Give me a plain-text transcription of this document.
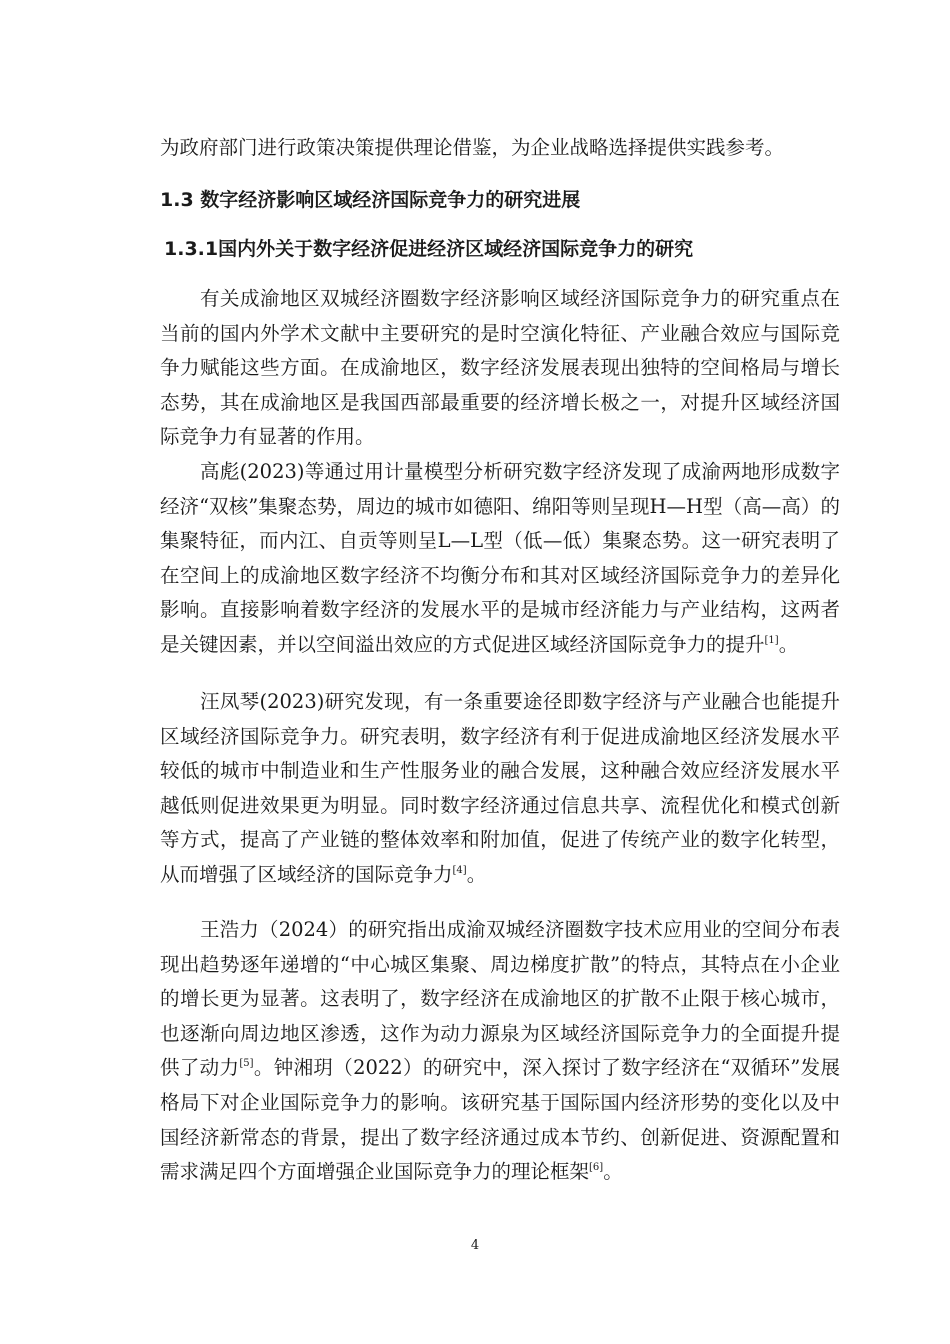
为政府部门进行政策决策提供理论借鉴，为企业战略选择提供实践参考。
1.3 数字经济影响区域经济国际竞争力的研究进展
1.3.1国内外关于数字经济促进经济区域经济国际竞争力的研究

有关成渝地区双城经济圈数字经济影响区域经济国际竞争力的研究重点在当前的国内外学术文献中主要研究的是时空演化特征、产业融合效应与国际竞争力赋能这些方面。在成渝地区，数字经济发展表现出独特的空间格局与增长态势，其在成渝地区是我国西部最重要的经济增长极之一，对提升区域经济国际竞争力有显著的作用。

高彪(2023)等通过用计量模型分析研究数字经济发现了成渝两地形成数字经济“双核”集聚态势，周边的城市如德阳、绵阳等则呈现H—H型（高—高）的集聚特征，而内江、自贡等则呈L—L型（低—低）集聚态势。这一研究表明了在空间上的成渝地区数字经济不均衡分布和其对区域经济国际竞争力的差异化影响。直接影响着数字经济的发展水平的是城市经济能力与产业结构，这两者是关键因素，并以空间溢出效应的方式促进区域经济国际竞争力的提升[1]。

汪凤琴(2023)研究发现，有一条重要途径即数字经济与产业融合也能提升区域经济国际竞争力。研究表明，数字经济有利于促进成渝地区经济发展水平较低的城市中制造业和生产性服务业的融合发展，这种融合效应经济发展水平越低则促进效果更为明显。同时数字经济通过信息共享、流程优化和模式创新等方式，提高了产业链的整体效率和附加值，促进了传统产业的数字化转型，从而增强了区域经济的国际竞争力[4]。

王浩力（2024）的研究指出成渝双城经济圈数字技术应用业的空间分布表现出趋势逐年递增的“中心城区集聚、周边梯度扩散”的特点，其特点在小企业的增长更为显著。这表明了，数字经济在成渝地区的扩散不止限于核心城市，也逐渐向周边地区渗透，这作为动力源泉为区域经济国际竞争力的全面提升提供了动力[5]。钟湘玥（2022）的研究中，深入探讨了数字经济在“双循环”发展格局下对企业国际竞争力的影响。该研究基于国际国内经济形势的变化以及中国经济新常态的背景，提出了数字经济通过成本节约、创新促进、资源配置和需求满足四个方面增强企业国际竞争力的理论框架[6]。

4
